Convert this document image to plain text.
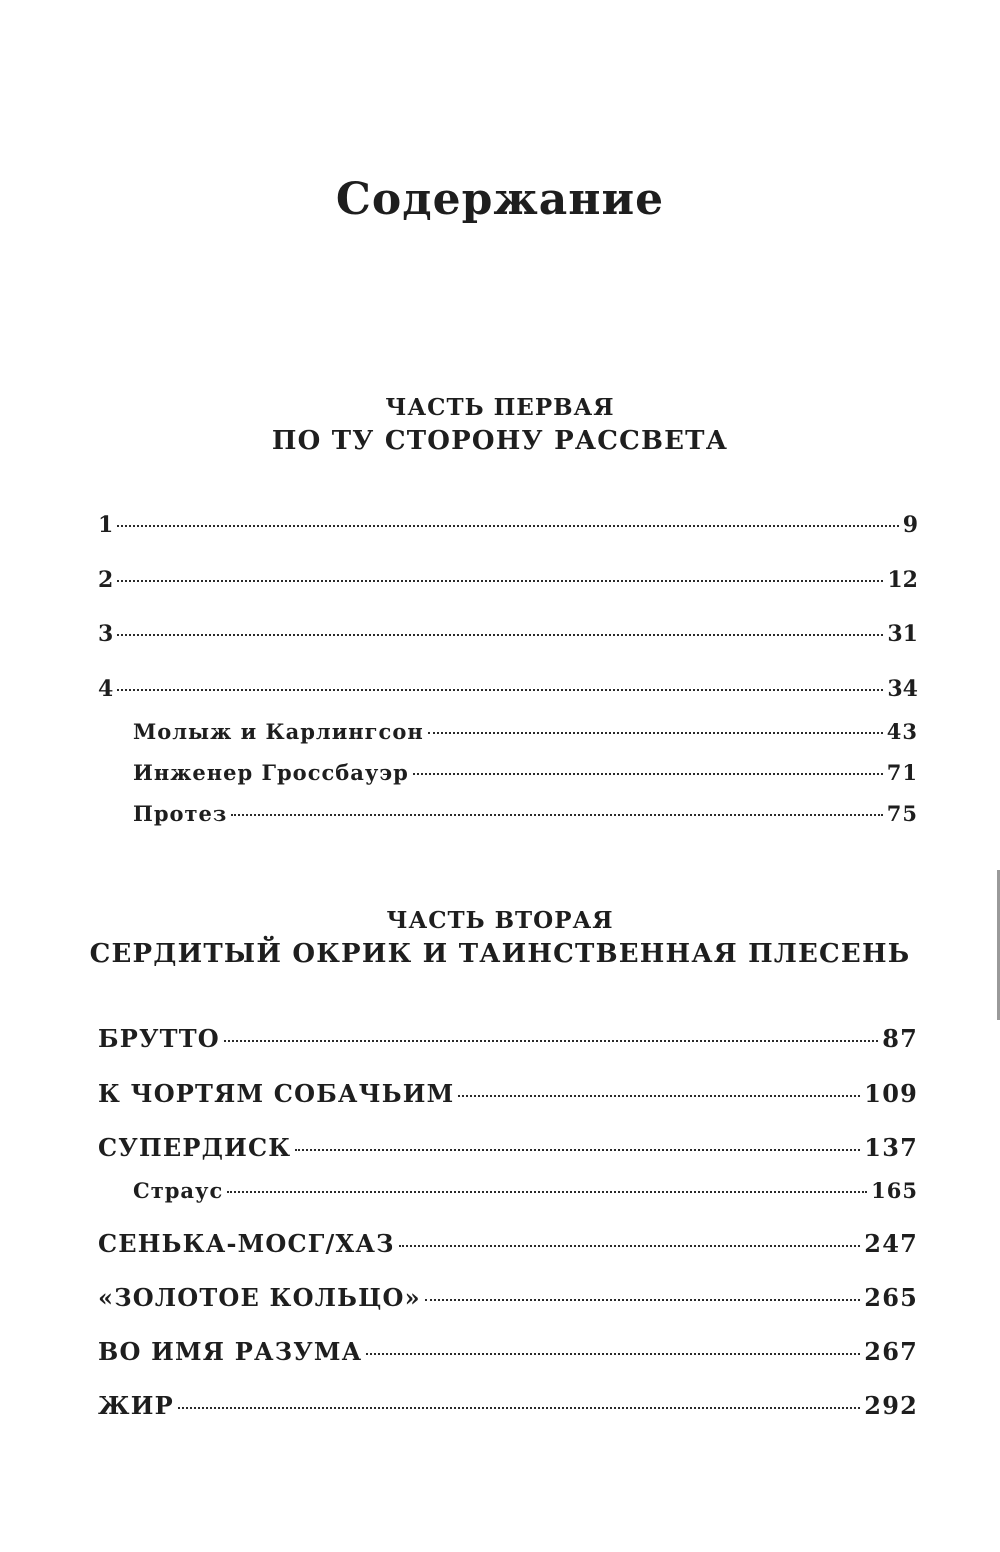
Содержание
ЧАСТЬ ПЕРВАЯ
ПО ТУ СТОРОНУ РАССВЕТА
1	9
2	12
3	31
4	34
Молыж и Карлингсон	43
Инженер Гроссбауэр	71
Протез	75
ЧАСТЬ ВТОРАЯ
СЕРДИТЫЙ ОКРИК И ТАИНСТВЕННАЯ ПЛЕСЕНЬ
БРУТТО	87
К ЧОРТЯМ СОБАЧЬИМ	109
СУПЕРДИСК	137
Страус	165
СЕНЬКА-МОСГ/ХАЗ	247
«ЗОЛОТОЕ КОЛЬЦО»	265
ВО ИМЯ РАЗУМА	267
ЖИР	292
